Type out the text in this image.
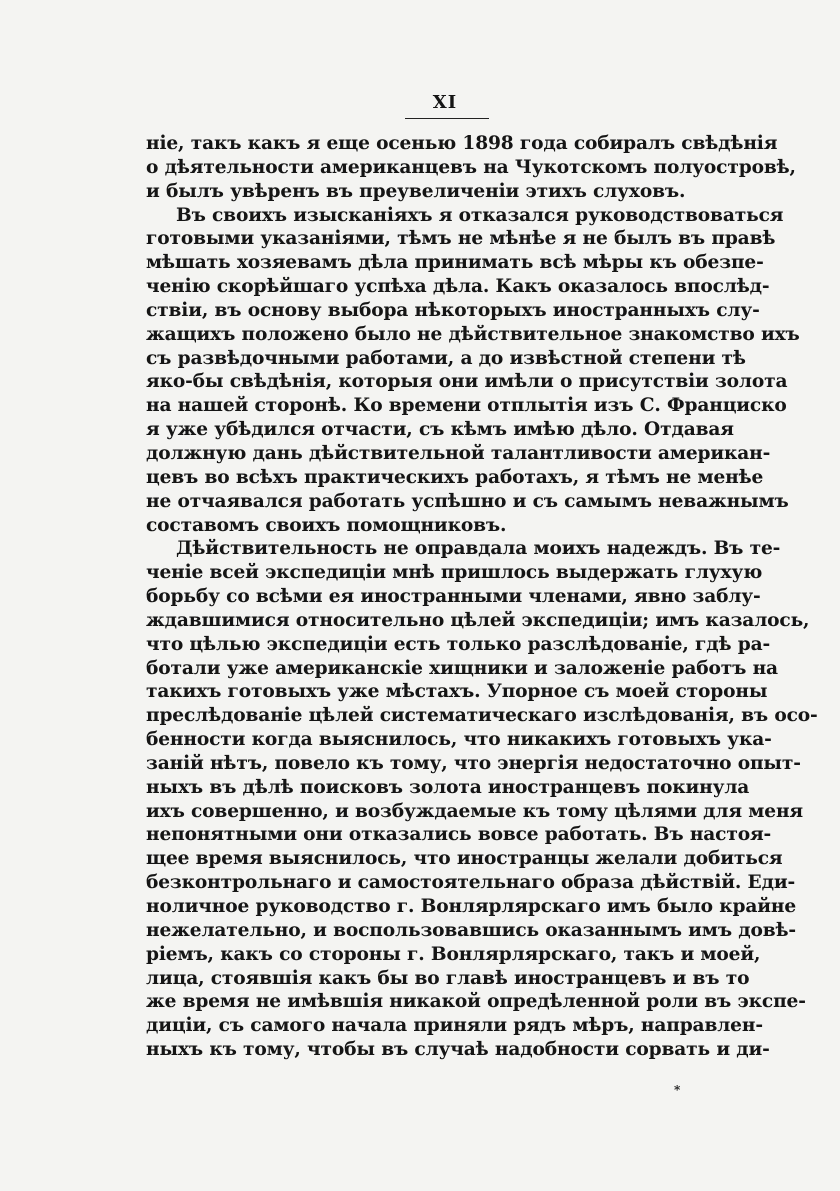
XI
ніе, такъ какъ я еще осенью 1898 года собиралъ свѣдѣнія
о дѣятельности американцевъ на Чукотскомъ полуостровѣ,
и былъ увѣренъ въ преувеличеніи этихъ слуховъ.
Въ своихъ изысканіяхъ я отказался руководствоваться
готовыми указаніями, тѣмъ не мѣнѣе я не былъ въ правѣ
мѣшать хозяевамъ дѣла принимать всѣ мѣры къ обезпе-
ченію скорѣйшаго успѣха дѣла. Какъ оказалось впослѣд-
ствіи, въ основу выбора нѣкоторыхъ иностранныхъ слу-
жащихъ положено было не дѣйствительное знакомство ихъ
съ развѣдочными работами, а до извѣстной степени тѣ
яко-бы свѣдѣнія, которыя они имѣли о присутствіи золота
на нашей сторонѣ. Ко времени отплытія изъ С. Франциско
я уже убѣдился отчасти, съ кѣмъ имѣю дѣло. Отдавая
должную дань дѣйствительной талантливости американ-
цевъ во всѣхъ практическихъ работахъ, я тѣмъ не менѣе
не отчаявался работать успѣшно и съ самымъ неважнымъ
составомъ своихъ помощниковъ.
Дѣйствительность не оправдала моихъ надеждъ. Въ те-
ченіе всей экспедиціи мнѣ пришлось выдержать глухую
борьбу со всѣми ея иностранными членами, явно заблу-
ждавшимися относительно цѣлей экспедиціи; имъ казалось,
что цѣлью экспедиціи есть только разслѣдованіе, гдѣ ра-
ботали уже американскіе хищники и заложеніе работъ на
такихъ готовыхъ уже мѣстахъ. Упорное съ моей стороны
преслѣдованіе цѣлей систематическаго изслѣдованія, въ осо-
бенности когда выяснилось, что никакихъ готовыхъ ука-
заній нѣтъ, повело къ тому, что энергія недостаточно опыт-
ныхъ въ дѣлѣ поисковъ золота иностранцевъ покинула
ихъ совершенно, и возбуждаемые къ тому цѣлями для меня
непонятными они отказались вовсе работать. Въ настоя-
щее время выяснилось, что иностранцы желали добиться
безконтрольнаго и самостоятельнаго образа дѣйствій. Еди-
ноличное руководство г. Вонлярлярскаго имъ было крайне
нежелательно, и воспользовавшись оказаннымъ имъ довѣ-
ріемъ, какъ со стороны г. Вонлярлярскаго, такъ и моей,
лица, стоявшія какъ бы во главѣ иностранцевъ и въ то
же время не имѣвшія никакой опредѣленной роли въ экспе-
диціи, съ самого начала приняли рядъ мѣръ, направлен-
ныхъ къ тому, чтобы въ случаѣ надобности сорвать и ди-
*
